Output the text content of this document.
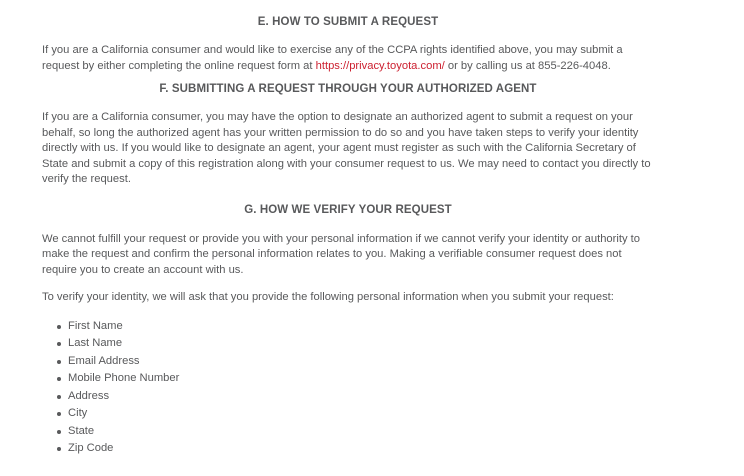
E. HOW TO SUBMIT A REQUEST

If you are a California consumer and would like to exercise any of the CCPA rights identified above, you may submit a request by either completing the online request form at https://privacy.toyota.com/ or by calling us at 855-226-4048.

F. SUBMITTING A REQUEST THROUGH YOUR AUTHORIZED AGENT

If you are a California consumer, you may have the option to designate an authorized agent to submit a request on your behalf, so long the authorized agent has your written permission to do so and you have taken steps to verify your identity directly with us. If you would like to designate an agent, your agent must register as such with the California Secretary of State and submit a copy of this registration along with your consumer request to us. We may need to contact you directly to verify the request.

G. HOW WE VERIFY YOUR REQUEST

We cannot fulfill your request or provide you with your personal information if we cannot verify your identity or authority to make the request and confirm the personal information relates to you. Making a verifiable consumer request does not require you to create an account with us.

To verify your identity, we will ask that you provide the following personal information when you submit your request:

First Name
Last Name
Email Address
Mobile Phone Number
Address
City
State
Zip Code
